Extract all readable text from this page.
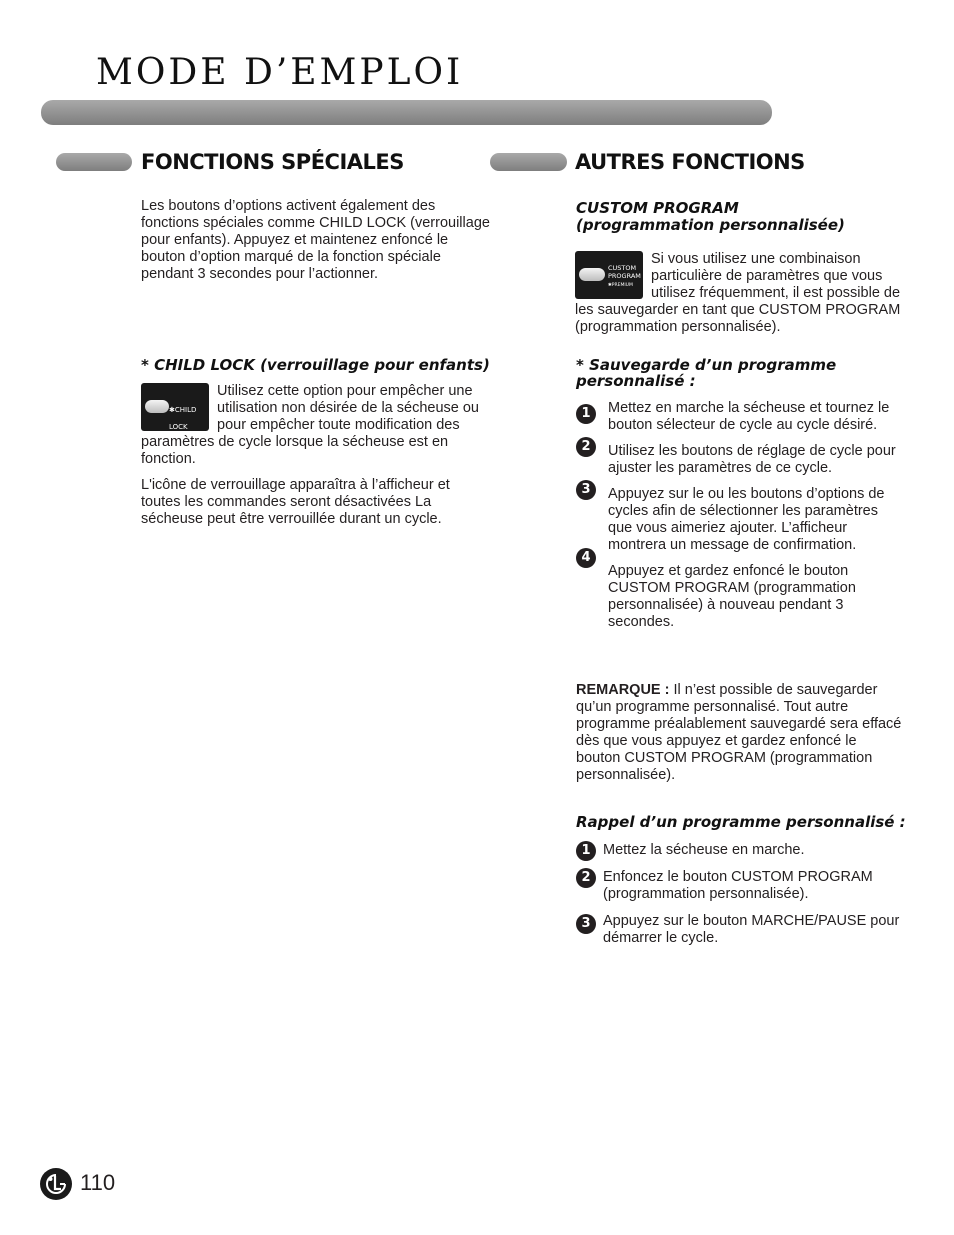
MODE D’EMPLOI
FONCTIONS SPÉCIALES

Les boutons d’options activent également des fonctions spéciales comme CHILD LOCK (verrouillage pour enfants). Appuyez et maintenez enfoncé le bouton d’option marqué de la fonction spéciale pendant 3 secondes pour l’actionner.

* CHILD LOCK (verrouillage pour enfants)

✱CHILD LOCK

Utilisez cette option pour empêcher une utilisation non désirée de la sécheuse ou pour empêcher toute modification des paramètres de cycle lorsque la sécheuse est en fonction.

L'icône de verrouillage apparaîtra à l’afficheur et toutes les commandes seront désactivées La sécheuse peut être verrouillée durant un cycle.

AUTRES FONCTIONS

CUSTOM PROGRAM
(programmation personnalisée)

CUSTOM
PROGRAM
✱PREMIUM

Si vous utilisez une combinaison particulière de paramètres que vous utilisez fréquemment, il est possible de les sauvegarder en tant que CUSTOM PROGRAM (programmation personnalisée).

* Sauvegarde d’un programme personnalisé :

1	Mettez en marche la sécheuse et tournez le bouton sélecteur de cycle au cycle désiré.
2	Utilisez les boutons de réglage de cycle pour ajuster les paramètres de ce cycle.
3	Appuyez sur le ou les boutons d’options de cycles afin de sélectionner les paramètres que vous aimeriez ajouter. L’afficheur montrera un message de confirmation.
4
Appuyez et gardez enfoncé le bouton CUSTOM PROGRAM (programmation personnalisée) à nouveau pendant 3 secondes.

REMARQUE : Il n’est possible de sauvegarder qu’un programme personnalisé. Tout autre programme préalablement sauvegardé sera effacé dès que vous appuyez et gardez enfoncé le bouton CUSTOM PROGRAM (programmation personnalisée).

Rappel d’un programme personnalisé :

1 Mettez la sécheuse en marche.
2 Enfoncez le bouton CUSTOM PROGRAM (programmation personnalisée).
3 Appuyez sur le bouton MARCHE/PAUSE pour démarrer le cycle.
110
